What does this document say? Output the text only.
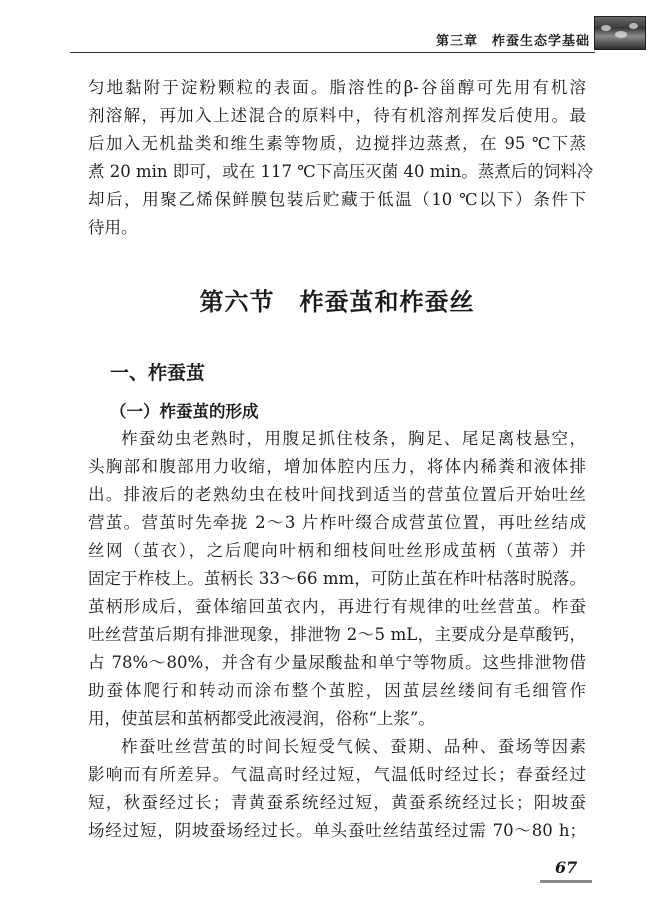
第三章 柞蚕生态学基础
匀地黏附于淀粉颗粒的表面。脂溶性的β-谷甾醇可先用有机溶
剂溶解，再加入上述混合的原料中，待有机溶剂挥发后使用。最
后加入无机盐类和维生素等物质，边搅拌边蒸煮，在 95 ℃下蒸
煮 20 min 即可，或在 117 ℃下高压灭菌 40 min。蒸煮后的饲料冷
却后，用聚乙烯保鲜膜包装后贮藏于低温（10 ℃以下）条件下
待用。
第六节　柞蚕茧和柞蚕丝
一、柞蚕茧
（一）柞蚕茧的形成
柞蚕幼虫老熟时，用腹足抓住枝条，胸足、尾足离枝悬空，
头胸部和腹部用力收缩，增加体腔内压力，将体内稀粪和液体排
出。排液后的老熟幼虫在枝叶间找到适当的营茧位置后开始吐丝
营茧。营茧时先牵拢 2～3 片柞叶缀合成营茧位置，再吐丝结成
丝网（茧衣），之后爬向叶柄和细枝间吐丝形成茧柄（茧蒂）并
固定于柞枝上。茧柄长 33～66 mm，可防止茧在柞叶枯落时脱落。
茧柄形成后，蚕体缩回茧衣内，再进行有规律的吐丝营茧。柞蚕
吐丝营茧后期有排泄现象，排泄物 2～5 mL，主要成分是草酸钙，
占 78%～80%，并含有少量尿酸盐和单宁等物质。这些排泄物借
助蚕体爬行和转动而涂布整个茧腔，因茧层丝缕间有毛细管作
用，使茧层和茧柄都受此液浸润，俗称“上浆”。
柞蚕吐丝营茧的时间长短受气候、蚕期、品种、蚕场等因素
影响而有所差异。气温高时经过短，气温低时经过长；春蚕经过
短，秋蚕经过长；青黄蚕系统经过短，黄蚕系统经过长；阳坡蚕
场经过短，阴坡蚕场经过长。单头蚕吐丝结茧经过需 70～80 h；
67
